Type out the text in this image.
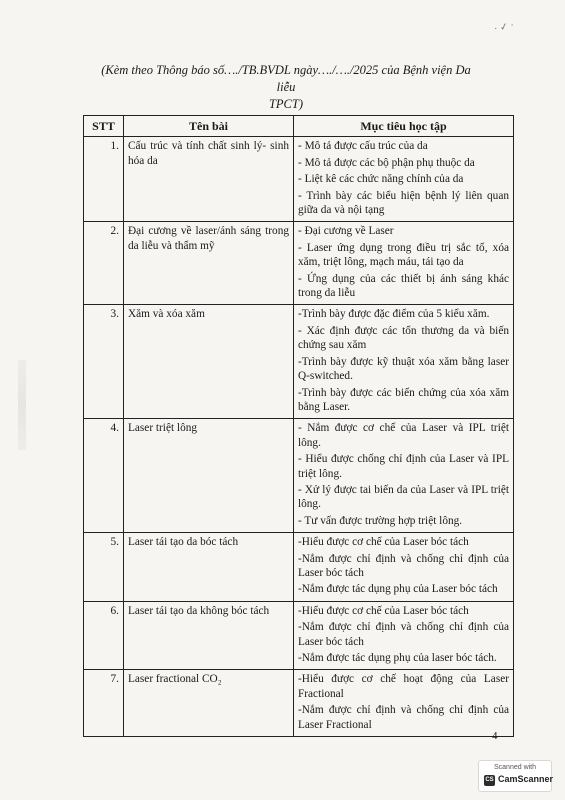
· ✓ ·
(Kèm theo Thông báo số…./TB.BVDL ngày…./…./2025 của Bệnh viện Da liễu
TPCT)
STT	Tên bài	Mục tiêu học tập
1.	Cấu trúc và tính chất sinh lý- sinh hóa da	- Mô tả được cấu trúc của da
- Mô tả được các bộ phận phụ thuộc da
- Liệt kê các chức năng chính của da
- Trình bày các biểu hiện bệnh lý liên quan giữa da và nội tạng

2.	Đại cương về laser/ánh sáng trong da liễu và thẩm mỹ	- Đại cương về Laser
- Laser ứng dụng trong điều trị sắc tố, xóa xăm, triệt lông, mạch máu, tái tạo da
- Ứng dụng của các thiết bị ánh sáng khác trong da liễu

3.	Xăm và xóa xăm	-Trình bày được đặc điểm của 5 kiểu xăm.
- Xác định được các tổn thương da và biến chứng sau xăm
-Trình bày được kỹ thuật xóa xăm bằng laser Q-switched.
-Trình bày được các biến chứng của xóa xăm bằng Laser.

4.	Laser triệt lông	- Nắm được cơ chế của Laser và IPL triệt lông.
- Hiểu được chống chỉ định của Laser và IPL triệt lông.
- Xử lý được tai biến da của Laser và IPL triệt lông.
- Tư vấn được trường hợp triệt lông.

5.	Laser tái tạo da bóc tách	-Hiểu được cơ chế của Laser bóc tách
-Nắm được chỉ định và chống chỉ định của Laser bóc tách
-Nắm được tác dụng phụ của Laser bóc tách

6.	Laser tái tạo da không bóc tách	-Hiểu được cơ chế của Laser bóc tách
-Nắm được chỉ định và chống chỉ định của Laser bóc tách
-Nắm được tác dụng phụ của laser bóc tách.

7.	Laser fractional CO₂	-Hiểu được cơ chế hoạt động của Laser Fractional
-Nắm được chỉ định và chống chỉ định của Laser Fractional
4
Scanned with
CS CamScanner
